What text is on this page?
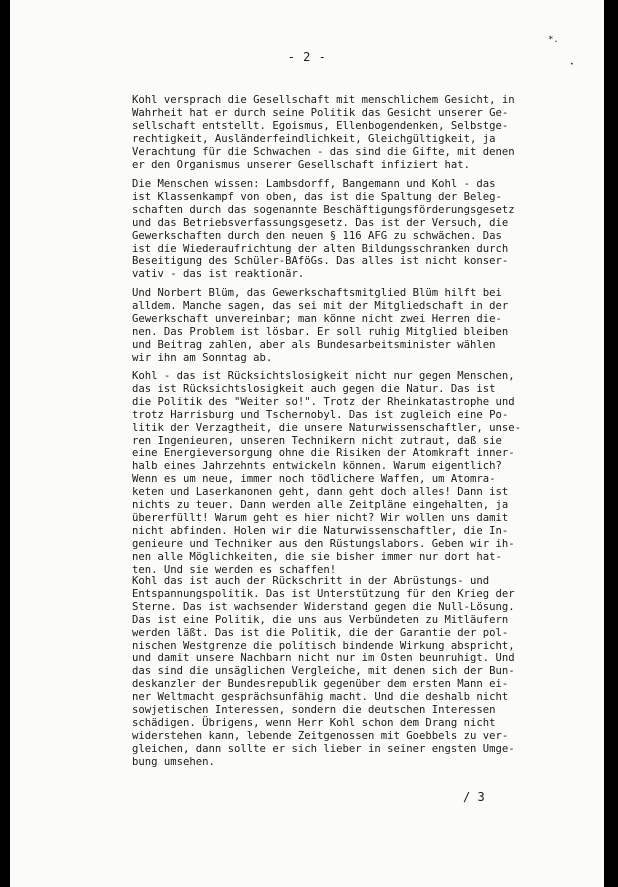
*.
•
- 2 -

Kohl versprach die Gesellschaft mit menschlichem Gesicht, in
Wahrheit hat er durch seine Politik das Gesicht unserer Ge-
sellschaft entstellt. Egoismus, Ellenbogendenken, Selbstge-
rechtigkeit, Ausländerfeindlichkeit, Gleichgültigkeit, ja
Verachtung für die Schwachen - das sind die Gifte, mit denen
er den Organismus unserer Gesellschaft infiziert hat.

Die Menschen wissen: Lambsdorff, Bangemann und Kohl - das
ist Klassenkampf von oben, das ist die Spaltung der Beleg-
schaften durch das sogenannte Beschäftigungsförderungsgesetz
und das Betriebsverfassungsgesetz. Das ist der Versuch, die
Gewerkschaften durch den neuen § 116 AFG zu schwächen. Das
ist die Wiederaufrichtung der alten Bildungsschranken durch
Beseitigung des Schüler-BAföGs. Das alles ist nicht konser-
vativ - das ist reaktionär.

Und Norbert Blüm, das Gewerkschaftsmitglied Blüm hilft bei
alldem. Manche sagen, das sei mit der Mitgliedschaft in der
Gewerkschaft unvereinbar; man könne nicht zwei Herren die-
nen. Das Problem ist lösbar. Er soll ruhig Mitglied bleiben
und Beitrag zahlen, aber als Bundesarbeitsminister wählen
wir ihn am Sonntag ab.

Kohl - das ist Rücksichtslosigkeit nicht nur gegen Menschen,
das ist Rücksichtslosigkeit auch gegen die Natur. Das ist
die Politik des "Weiter so!". Trotz der Rheinkatastrophe und
trotz Harrisburg und Tschernobyl. Das ist zugleich eine Po-
litik der Verzagtheit, die unsere Naturwissenschaftler, unse-
ren Ingenieuren, unseren Technikern nicht zutraut, daß sie
eine Energieversorgung ohne die Risiken der Atomkraft inner-
halb eines Jahrzehnts entwickeln können. Warum eigentlich?
Wenn es um neue, immer noch tödlichere Waffen, um Atomra-
keten und Laserkanonen geht, dann geht doch alles! Dann ist
nichts zu teuer. Dann werden alle Zeitpläne eingehalten, ja
übererfüllt! Warum geht es hier nicht? Wir wollen uns damit
nicht abfinden. Holen wir die Naturwissenschaftler, die In-
genieure und Techniker aus den Rüstungslabors. Geben wir ih-
nen alle Möglichkeiten, die sie bisher immer nur dort hat-
ten. Und sie werden es schaffen!

Kohl das ist auch der Rückschritt in der Abrüstungs- und
Entspannungspolitik. Das ist Unterstützung für den Krieg der
Sterne. Das ist wachsender Widerstand gegen die Null-Lösung.
Das ist eine Politik, die uns aus Verbündeten zu Mitläufern
werden läßt. Das ist die Politik, die der Garantie der pol-
nischen Westgrenze die politisch bindende Wirkung abspricht,
und damit unsere Nachbarn nicht nur im Osten beunruhigt. Und
das sind die unsäglichen Vergleiche, mit denen sich der Bun-
deskanzler der Bundesrepublik gegenüber dem ersten Mann ei-
ner Weltmacht gesprächsunfähig macht. Und die deshalb nicht
sowjetischen Interessen, sondern die deutschen Interessen
schädigen. Übrigens, wenn Herr Kohl schon dem Drang nicht
widerstehen kann, lebende Zeitgenossen mit Goebbels zu ver-
gleichen, dann sollte er sich lieber in seiner engsten Umge-
bung umsehen.

/ 3
